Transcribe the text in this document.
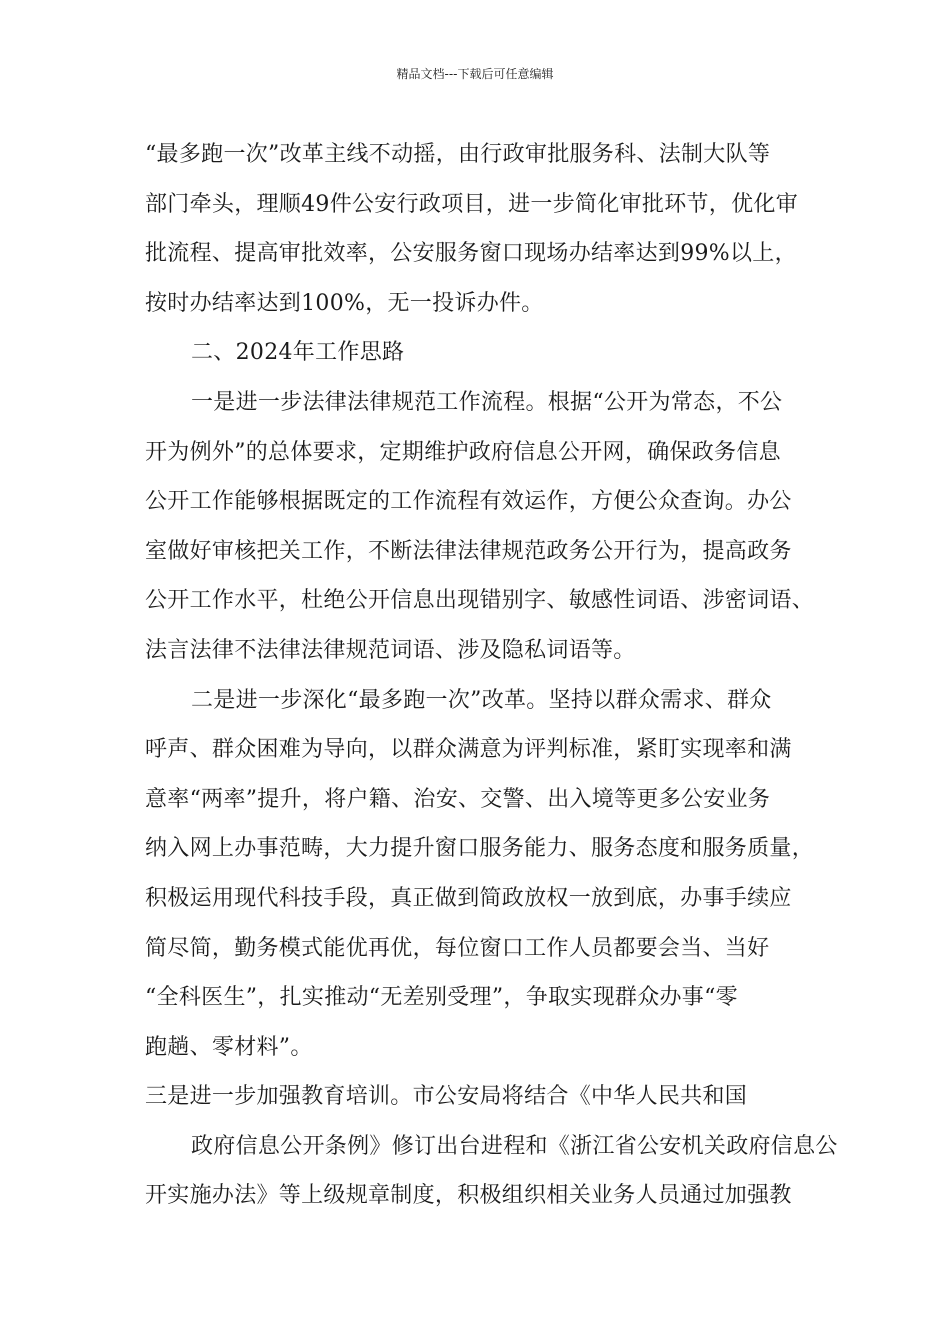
精品文档---下载后可任意编辑
“最多跑一次”改革主线不动摇，由行政审批服务科、法制大队等
部门牵头，理顺49件公安行政项目，进一步简化审批环节，优化审
批流程、提高审批效率，公安服务窗口现场办结率达到99%以上，
按时办结率达到100%，无一投诉办件。
二、2024年工作思路
一是进一步法律法律规范工作流程。根据“公开为常态，不公
开为例外”的总体要求，定期维护政府信息公开网，确保政务信息
公开工作能够根据既定的工作流程有效运作，方便公众查询。办公
室做好审核把关工作，不断法律法律规范政务公开行为，提高政务
公开工作水平，杜绝公开信息出现错别字、敏感性词语、涉密词语、
法言法律不法律法律规范词语、涉及隐私词语等。
二是进一步深化“最多跑一次”改革。坚持以群众需求、群众
呼声、群众困难为导向，以群众满意为评判标准，紧盯实现率和满
意率“两率”提升，将户籍、治安、交警、出入境等更多公安业务
纳入网上办事范畴，大力提升窗口服务能力、服务态度和服务质量，
积极运用现代科技手段，真正做到简政放权一放到底，办事手续应
简尽简，勤务模式能优再优，每位窗口工作人员都要会当、当好
“全科医生”，扎实推动“无差别受理”，争取实现群众办事“零
跑趟、零材料”。
三是进一步加强教育培训。市公安局将结合《中华人民共和国
政府信息公开条例》修订出台进程和《浙江省公安机关政府信息公
开实施办法》等上级规章制度，积极组织相关业务人员通过加强教
